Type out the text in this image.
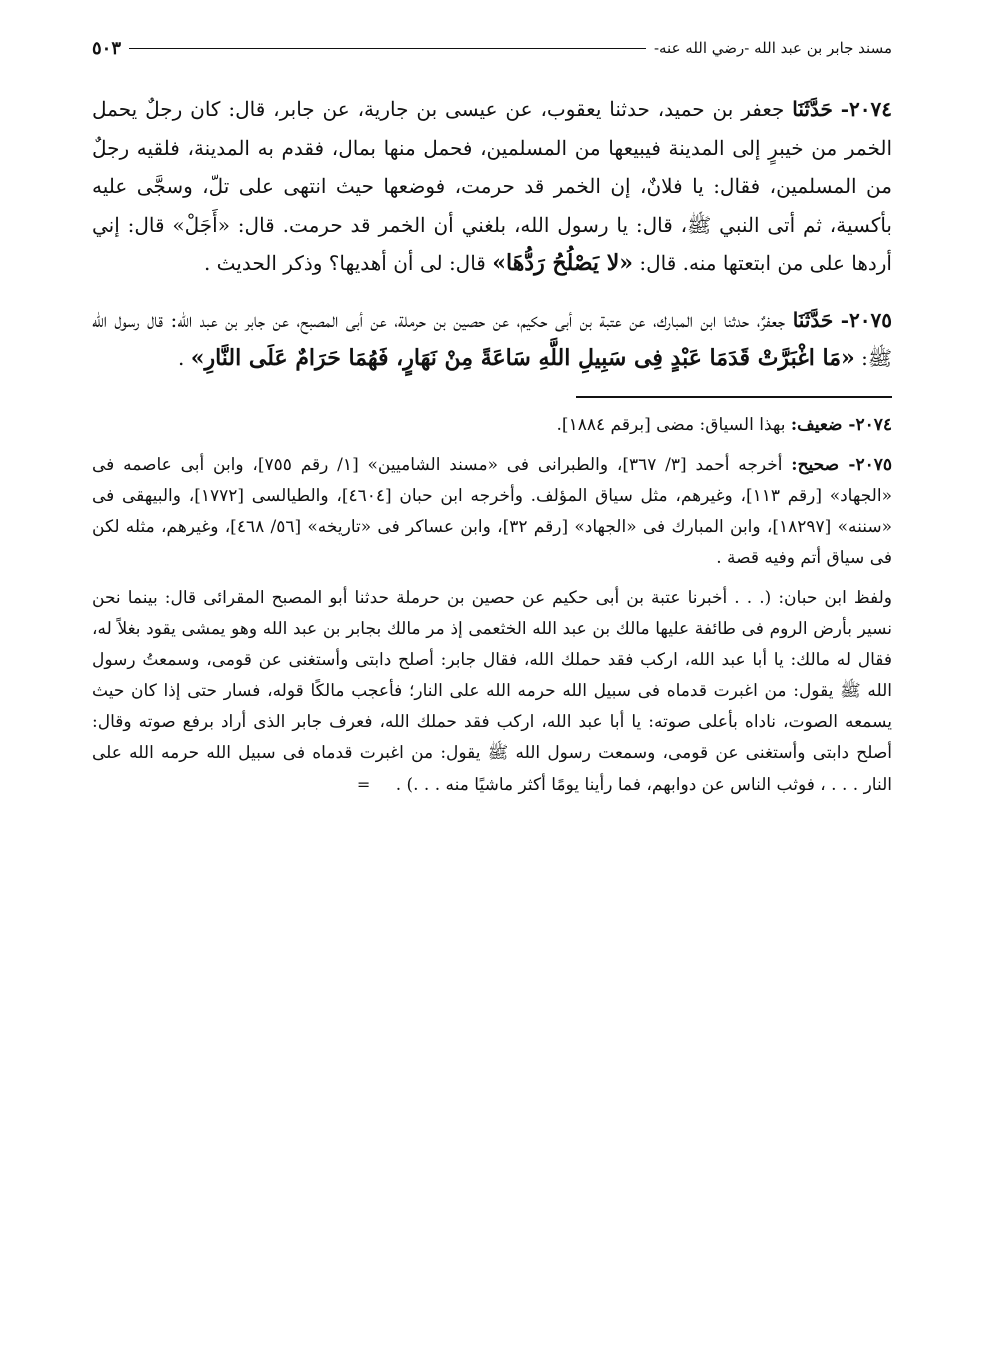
مسند جابر بن عبد الله -رضي الله عنه-
٥٠٣

٢٠٧٤- حَدَّثَنَا جعفر بن حميد، حدثنا يعقوب، عن عيسى بن جارية، عن جابر، قال: كان رجلٌ يحمل الخمر من خيبرٍ إلى المدينة فيبيعها من المسلمين، فحمل منها بمال، فقدم به المدينة، فلقيه رجلٌ من المسلمين، فقال: يا فلانٌ، إن الخمر قد حرمت، فوضعها حيث انتهى على تلّ، وسجَّى عليه بأكسية، ثم أتى النبي ﷺ، قال: يا رسول الله، بلغني أن الخمر قد حرمت. قال: «أَجَلْ» قال: إني أردها على من ابتعتها منه. قال: «لا يَصْلُحُ رَدُّهَا» قال: لى أن أهديها؟ وذكر الحديث .

٢٠٧٥- حَدَّثَنَا جعفرٌ، حدثنا ابن المبارك، عن عتبة بن أبى حكيم، عن حصين بن حرملة، عن أبى المصبح، عن جابر بن عبد الله: قال رسول الله ﷺ: «مَا اغْبَرَّتْ قَدَمَا عَبْدٍ فِى سَبِيلِ اللَّهِ سَاعَةً مِنْ نَهَارٍ، فَهُمَا حَرَامٌ عَلَى النَّارِ» .

٢٠٧٤- ضعيف: بهذا السياق: مضى [برقم ١٨٨٤].

٢٠٧٥- صحيح: أخرجه أحمد [٣/ ٣٦٧]، والطبرانى فى «مسند الشاميين» [١/ رقم ٧٥٥]، وابن أبى عاصمه فى «الجهاد» [رقم ١١٣]، وغيرهم، مثل سياق المؤلف. وأخرجه ابن حبان [٤٦٠٤]، والطيالسى [١٧٧٢]، والبيهقى فى «سننه» [١٨٢٩٧]، وابن المبارك فى «الجهاد» [رقم ٣٢]، وابن عساكر فى «تاريخه» [٥٦/ ٤٦٨]، وغيرهم، مثله لكن فى سياق أتم وفيه قصة .

ولفظ ابن حبان: (. . . أخبرنا عتبة بن أبى حكيم عن حصين بن حرملة حدثنا أبو المصبح المقرائى قال: بينما نحن نسير بأرض الروم فى طائفة عليها مالك بن عبد الله الخثعمى إذ مر مالك بجابر بن عبد الله وهو يمشى يقود بغلاً له، فقال له مالك: يا أبا عبد الله، اركب فقد حملك الله، فقال جابر: أصلح دابتى وأستغنى عن قومى، وسمعتُ رسول الله ﷺ يقول: من اغبرت قدماه فى سبيل الله حرمه الله على النار؛ فأعجب مالكًا قوله، فسار حتى إذا كان حيث يسمعه الصوت، ناداه بأعلى صوته: يا أبا عبد الله، اركب فقد حملك الله، فعرف جابر الذى أراد برفع صوته وقال: أصلح دابتى وأستغنى عن قومى، وسمعت رسول الله ﷺ يقول: من اغبرت قدماه فى سبيل الله حرمه الله على النار . . . ، فوثب الناس عن دوابهم، فما رأينا يومًا أكثر ماشيًا منه . . .) . =
